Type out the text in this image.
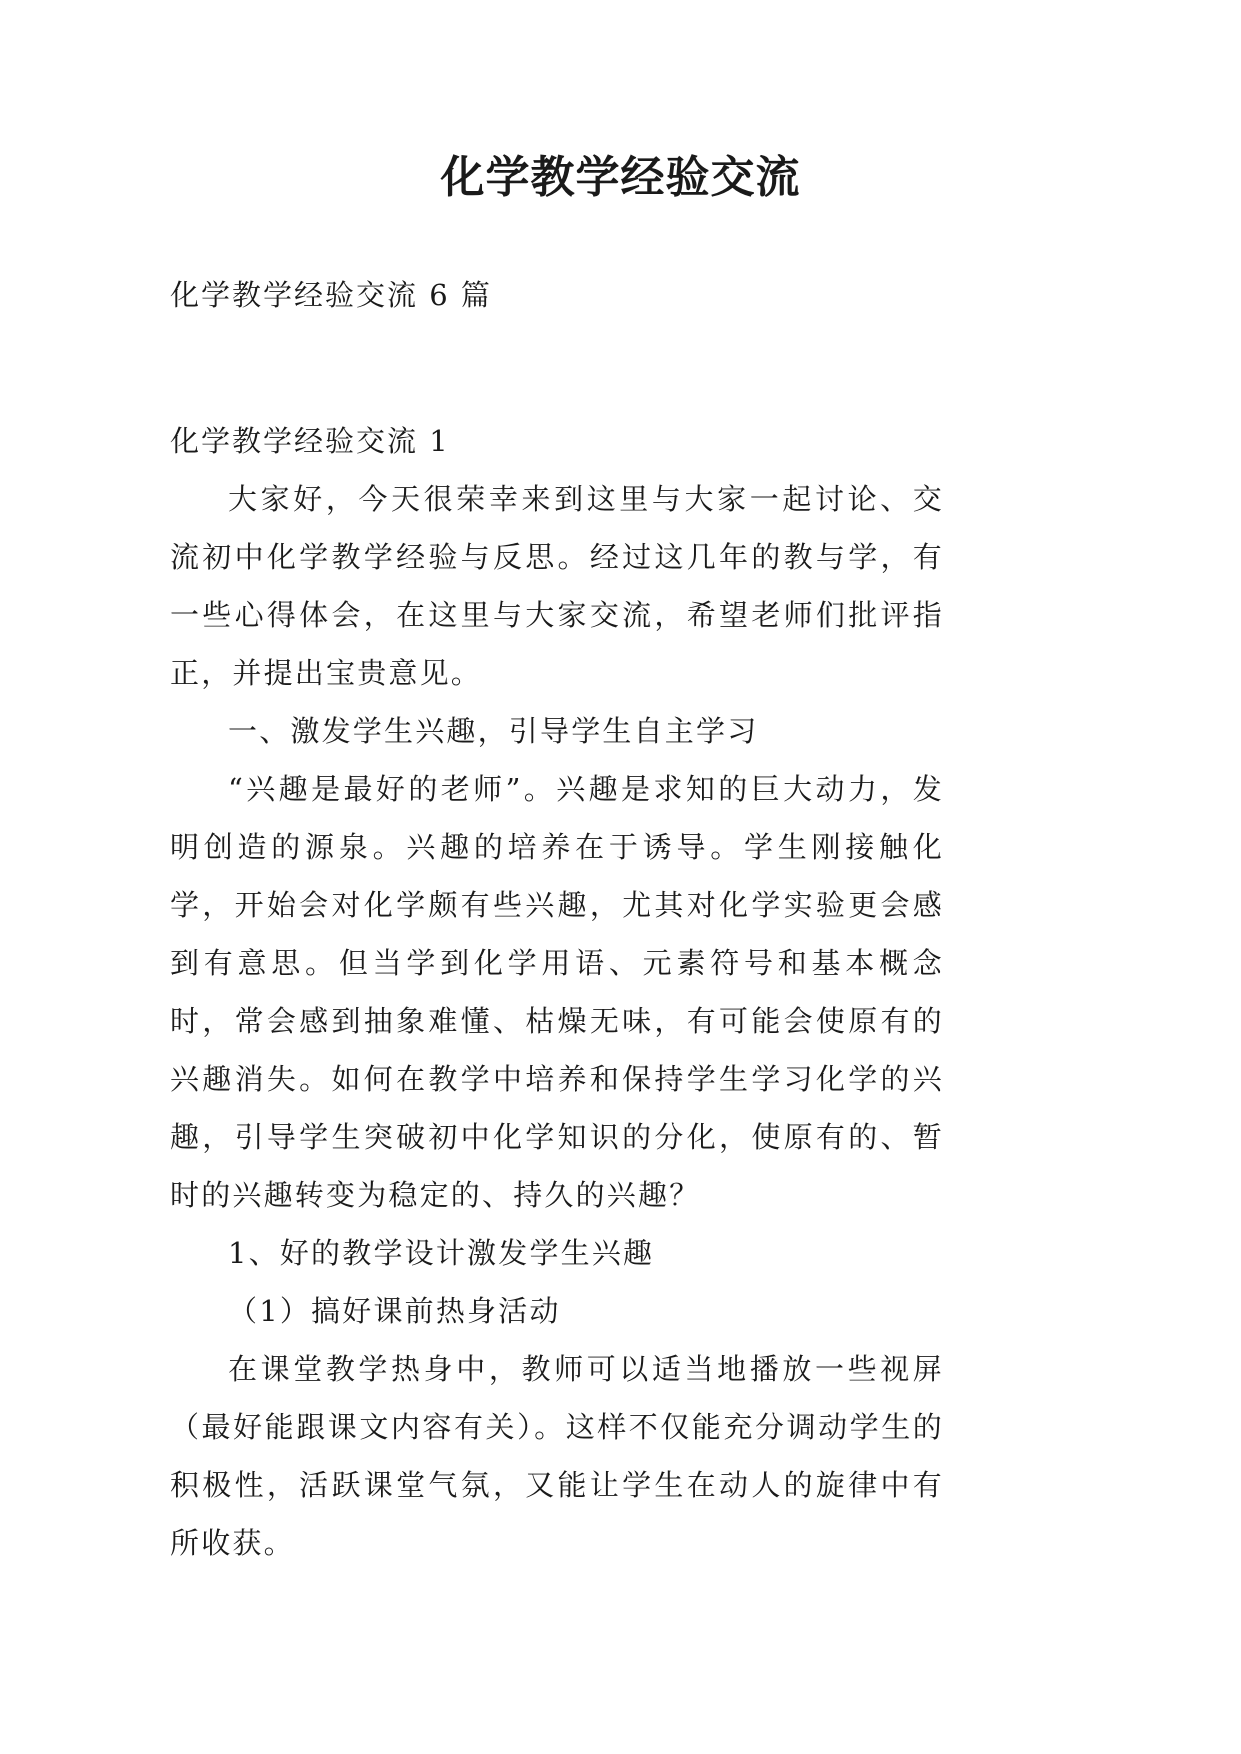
化学教学经验交流
化学教学经验交流 6 篇
化学教学经验交流 1

大家好，今天很荣幸来到这里与大家一起讨论、交流初中化学教学经验与反思。经过这几年的教与学，有一些心得体会，在这里与大家交流，希望老师们批评指正，并提出宝贵意见。

一、激发学生兴趣，引导学生自主学习

“兴趣是最好的老师”。兴趣是求知的巨大动力，发明创造的源泉。兴趣的培养在于诱导。学生刚接触化学，开始会对化学颇有些兴趣，尤其对化学实验更会感到有意思。但当学到化学用语、元素符号和基本概念时，常会感到抽象难懂、枯燥无味，有可能会使原有的兴趣消失。如何在教学中培养和保持学生学习化学的兴趣，引导学生突破初中化学知识的分化，使原有的、暂时的兴趣转变为稳定的、持久的兴趣？

1、好的教学设计激发学生兴趣

（1）搞好课前热身活动

在课堂教学热身中，教师可以适当地播放一些视屏（最好能跟课文内容有关）。这样不仅能充分调动学生的积极性，活跃课堂气氛，又能让学生在动人的旋律中有所收获。
